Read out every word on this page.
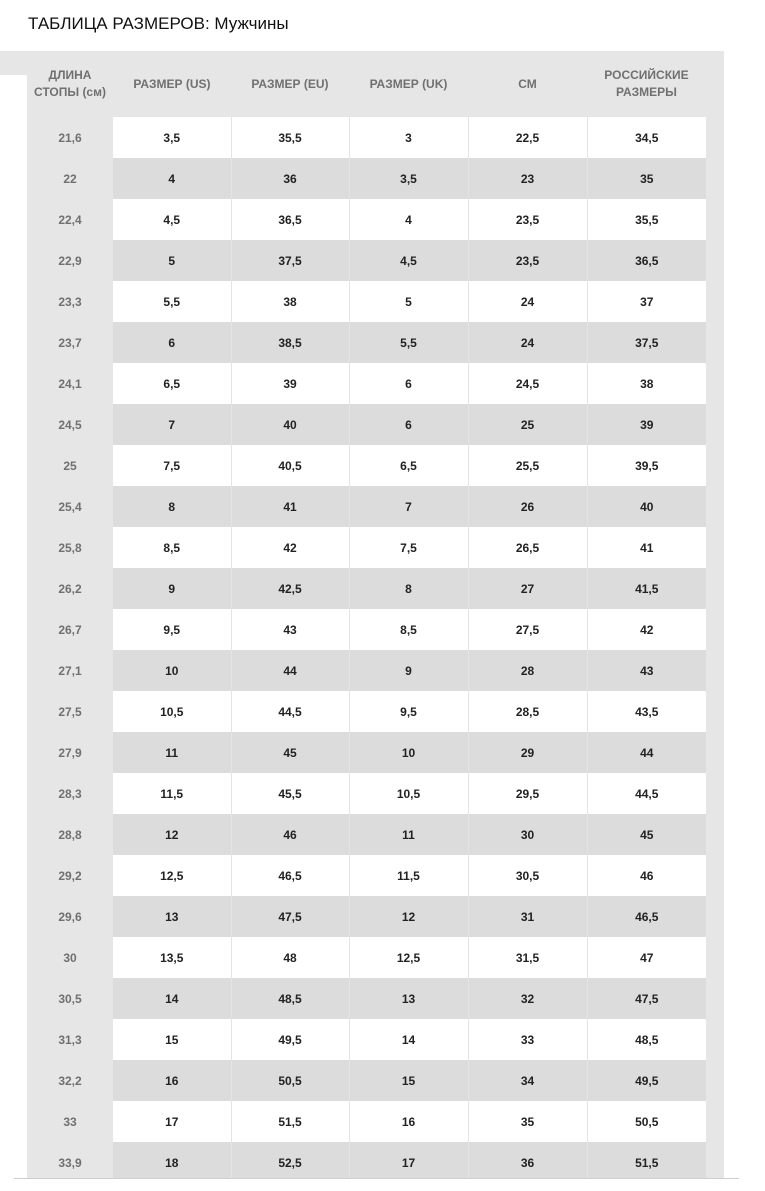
ТАБЛИЦА РАЗМЕРОВ: Мужчины
ДЛИНА СТОПЫ (см)	РАЗМЕР (US)	РАЗМЕР (EU)	РАЗМЕР (UK)	СМ	РОССИЙСКИЕ РАЗМЕРЫ
21,6	3,5	35,5	3	22,5	34,5
22	4	36	3,5	23	35
22,4	4,5	36,5	4	23,5	35,5
22,9	5	37,5	4,5	23,5	36,5
23,3	5,5	38	5	24	37
23,7	6	38,5	5,5	24	37,5
24,1	6,5	39	6	24,5	38
24,5	7	40	6	25	39
25	7,5	40,5	6,5	25,5	39,5
25,4	8	41	7	26	40
25,8	8,5	42	7,5	26,5	41
26,2	9	42,5	8	27	41,5
26,7	9,5	43	8,5	27,5	42
27,1	10	44	9	28	43
27,5	10,5	44,5	9,5	28,5	43,5
27,9	11	45	10	29	44
28,3	11,5	45,5	10,5	29,5	44,5
28,8	12	46	11	30	45
29,2	12,5	46,5	11,5	30,5	46
29,6	13	47,5	12	31	46,5
30	13,5	48	12,5	31,5	47
30,5	14	48,5	13	32	47,5
31,3	15	49,5	14	33	48,5
32,2	16	50,5	15	34	49,5
33	17	51,5	16	35	50,5
33,9	18	52,5	17	36	51,5
